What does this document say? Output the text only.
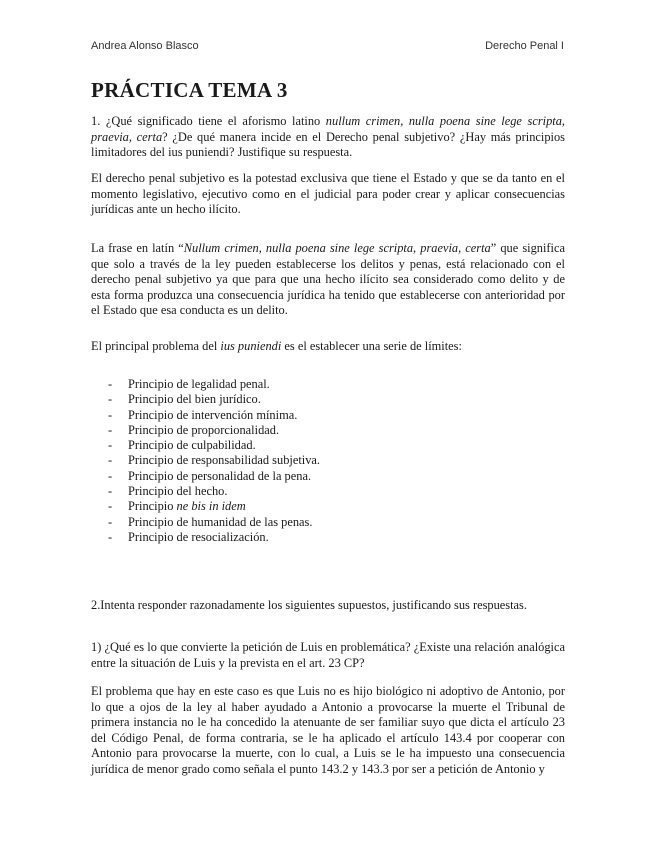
Andrea Alonso Blasco	Derecho Penal I
PRÁCTICA TEMA 3

1. ¿Qué significado tiene el aforismo latino nullum crimen, nulla poena sine lege scripta, praevia, certa? ¿De qué manera incide en el Derecho penal subjetivo? ¿Hay más principios limitadores del ius puniendi? Justifique su respuesta.

El derecho penal subjetivo es la potestad exclusiva que tiene el Estado y que se da tanto en el momento legislativo, ejecutivo como en el judicial para poder crear y aplicar consecuencias jurídicas ante un hecho ilícito.

La frase en latín “Nullum crimen, nulla poena sine lege scripta, praevia, certa” que significa que solo a través de la ley pueden establecerse los delitos y penas, está relacionado con el derecho penal subjetivo ya que para que una hecho ilícito sea considerado como delito y de esta forma produzca una consecuencia jurídica ha tenido que establecerse con anterioridad por el Estado que esa conducta es un delito.

El principal problema del ius puniendi es el establecer una serie de límites:

-	Principio de legalidad penal.
-	Principio del bien jurídico.
-	Principio de intervención mínima.
-	Principio de proporcionalidad.
-	Principio de culpabilidad.
-	Principio de responsabilidad subjetiva.
-	Principio de personalidad de la pena.
-	Principio del hecho.
-	Principio ne bis in idem
-	Principio de humanidad de las penas.
-	Principio de resocialización.

2.Intenta responder razonadamente los siguientes supuestos, justificando sus respuestas.

1) ¿Qué es lo que convierte la petición de Luis en problemática? ¿Existe una relación analógica entre la situación de Luis y la prevista en el art. 23 CP?

El problema que hay en este caso es que Luis no es hijo biológico ni adoptivo de Antonio, por lo que a ojos de la ley al haber ayudado a Antonio a provocarse la muerte el Tribunal de primera instancia no le ha concedido la atenuante de ser familiar suyo que dicta el artículo 23 del Código Penal, de forma contraria, se le ha aplicado el artículo 143.4 por cooperar con Antonio para provocarse la muerte, con lo cual, a Luis se le ha impuesto una consecuencia jurídica de menor grado como señala el punto 143.2 y 143.3 por ser a petición de Antonio y
